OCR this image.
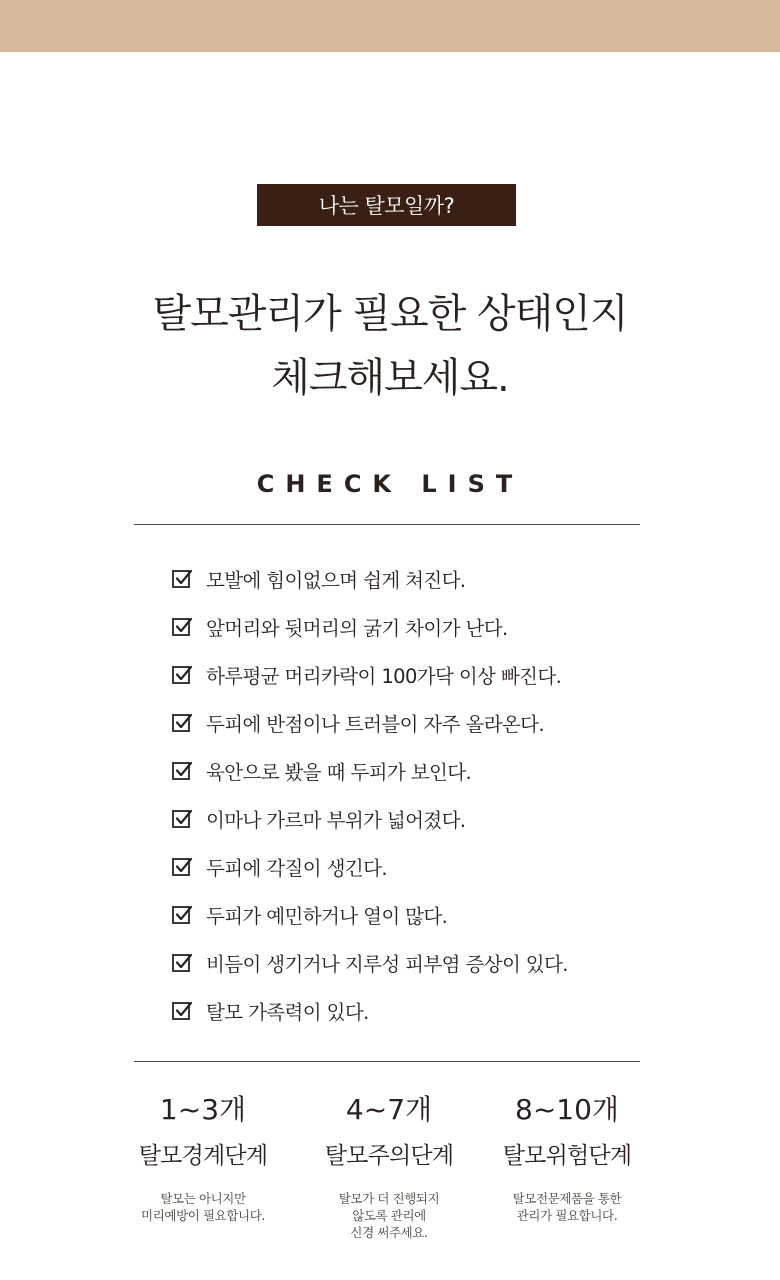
나는 탈모일까?
탈모관리가 필요한 상태인지
체크해보세요.
CHECK LIST
모발에 힘이없으며 쉽게 쳐진다.
앞머리와 뒷머리의 굵기 차이가 난다.
하루평균 머리카락이 100가닥 이상 빠진다.
두피에 반점이나 트러블이 자주 올라온다.
육안으로 봤을 때 두피가 보인다.
이마나 가르마 부위가 넓어졌다.
두피에 각질이 생긴다.
두피가 예민하거나 열이 많다.
비듬이 생기거나 지루성 피부염 증상이 있다.
탈모 가족력이 있다.
1~3개
탈모경계단계
탈모는 아니지만
미리예방이 필요합니다.
4~7개
탈모주의단계
탈모가 더 진행되지
않도록 관리에
신경 써주세요.
8~10개
탈모위험단계
탈모전문제품을 통한
관리가 필요합니다.
